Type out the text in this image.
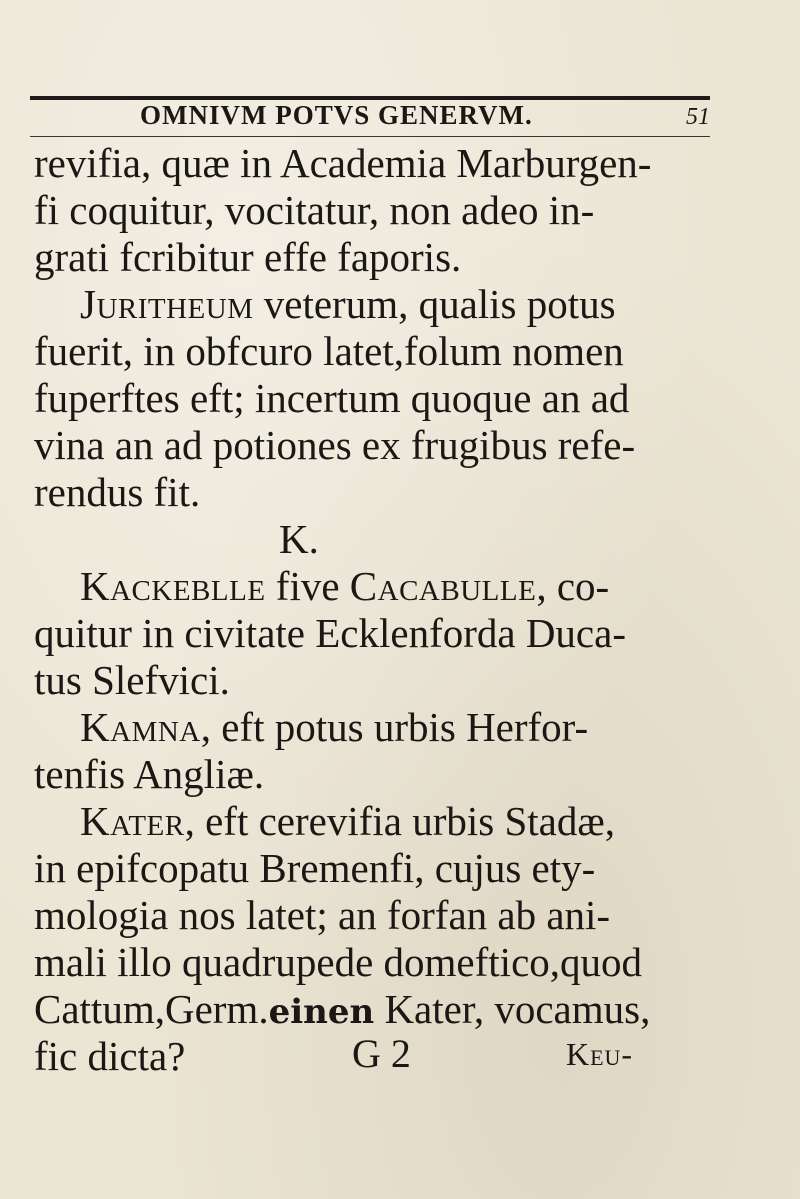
OMNIVM POTVS GENERVM.	51
revifia, quæ in Academia Marburgen-
fi coquitur, vocitatur, non adeo in-
grati fcribitur effe faporis.
Juritheum veterum, qualis potus
fuerit, in obfcuro latet,folum nomen
fuperftes eft; incertum quoque an ad
vina an ad potiones ex frugibus refe-
rendus fit.
K.
Kackeblle five Cacabulle, co-
quitur in civitate Ecklenforda Duca-
tus Slefvici.
Kamna, eft potus urbis Herfor-
tenfis Angliæ.
Kater, eft cerevifia urbis Stadæ,
in epifcopatu Bremenfi, cujus ety-
mologia nos latet; an forfan ab ani-
mali illo quadrupede domeftico,quod
Cattum,Germ.einen Kater, vocamus,
fic dicta?	G 2	Keu-
